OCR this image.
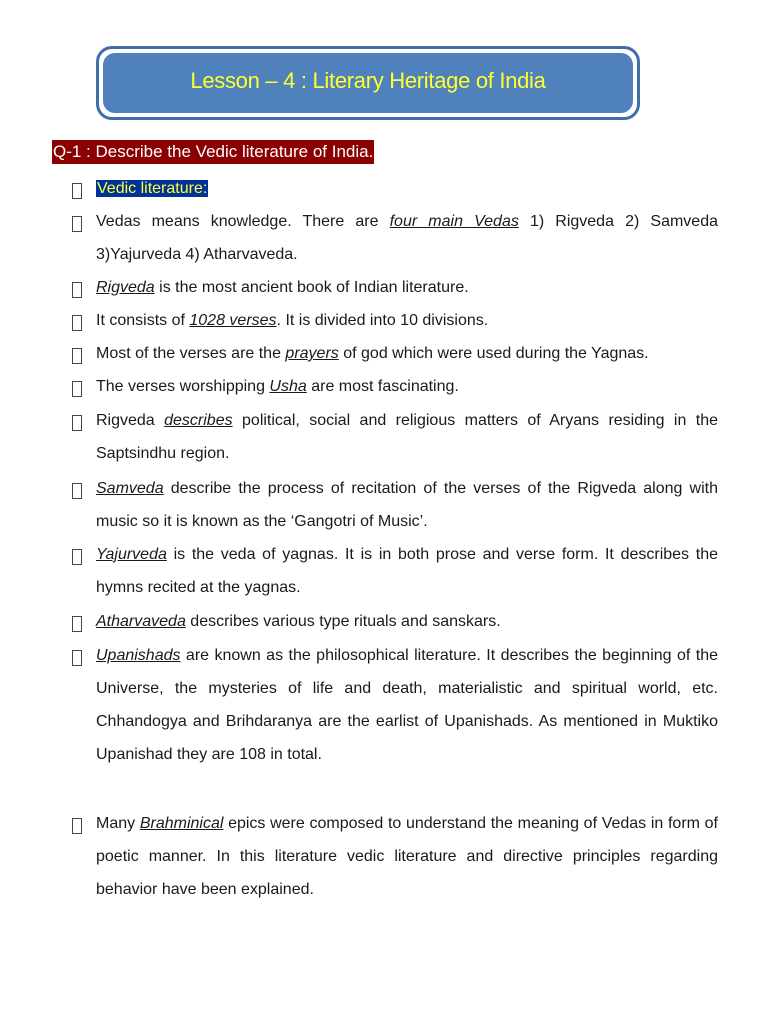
Lesson – 4 : Literary Heritage of India
Q-1 : Describe the Vedic literature of India.
Vedic literature:
Vedas means knowledge. There are four main Vedas 1) Rigveda 2) Samveda 3)Yajurveda 4) Atharvaveda.
Rigveda is the most ancient book of Indian literature.
It consists of 1028 verses. It is divided into 10 divisions.
Most of the verses are the prayers of god which were used during the Yagnas.
The verses worshipping Usha are most fascinating.
Rigveda describes political, social and religious matters of Aryans residing in the Saptsindhu region.
Samveda describe the process of recitation of the verses of the Rigveda along with music so it is known as the ‘Gangotri of Music’.
Yajurveda is the veda of yagnas. It is in both prose and verse form. It describes the hymns recited at the yagnas.
Atharvaveda describes various type rituals and sanskars.
Upanishads are known as the philosophical literature. It describes the beginning of the Universe, the mysteries of life and death, materialistic and spiritual world, etc. Chhandogya and Brihdaranya are the earlist of Upanishads. As mentioned in Muktiko Upanishad they are 108 in total.
Many Brahminical epics were composed to understand the meaning of Vedas in form of poetic manner. In this literature vedic literature and directive principles regarding behavior have been explained.
